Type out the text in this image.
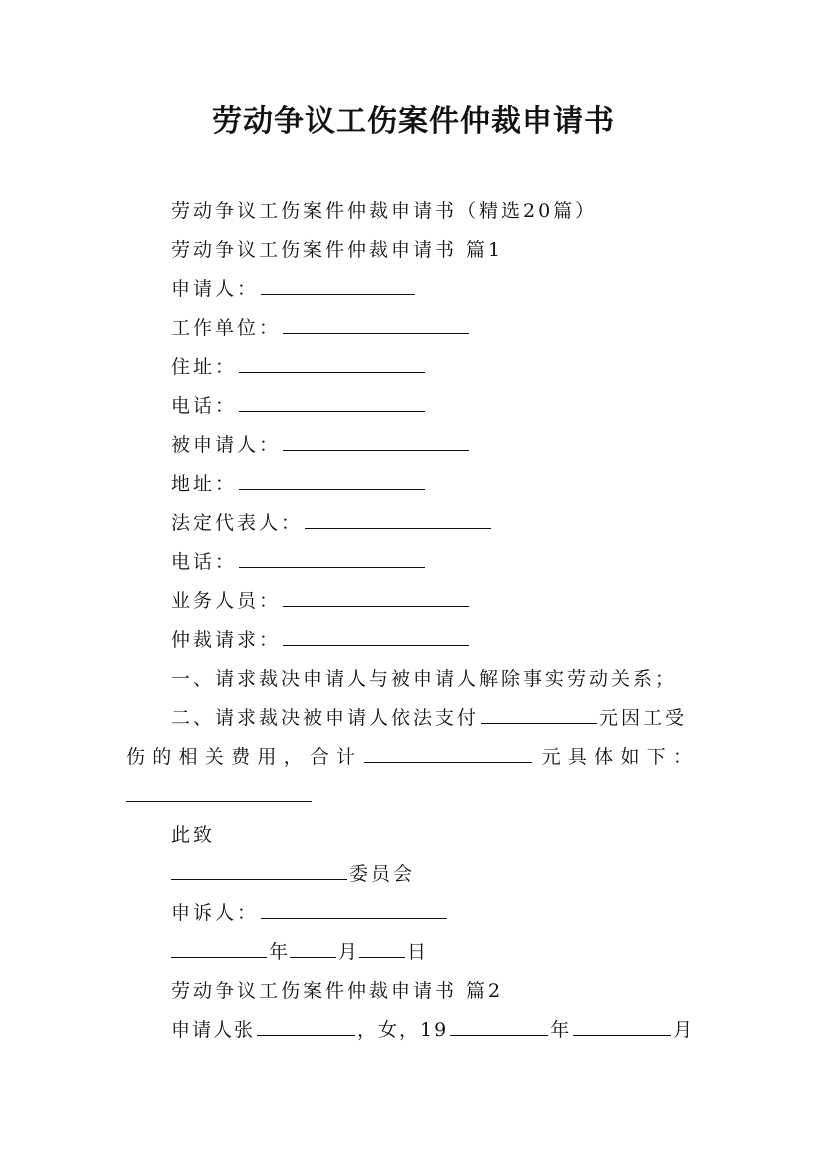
劳动争议工伤案件仲裁申请书
劳动争议工伤案件仲裁申请书（精选20篇）
劳动争议工伤案件仲裁申请书 篇1
申请人：
工作单位：
住址：
电话：
被申请人：
地址：
法定代表人：
电话：
业务人员：
仲裁请求：
一、请求裁决申请人与被申请人解除事实劳动关系；
二、请求裁决被申请人依法支付	元因工受
伤 的 相 关 费 用 ， 合 计	元 具 体 如 下 ：
此致
委员会
申诉人：
年	月	日
劳动争议工伤案件仲裁申请书 篇2
申请人张	，女，19	年	月
